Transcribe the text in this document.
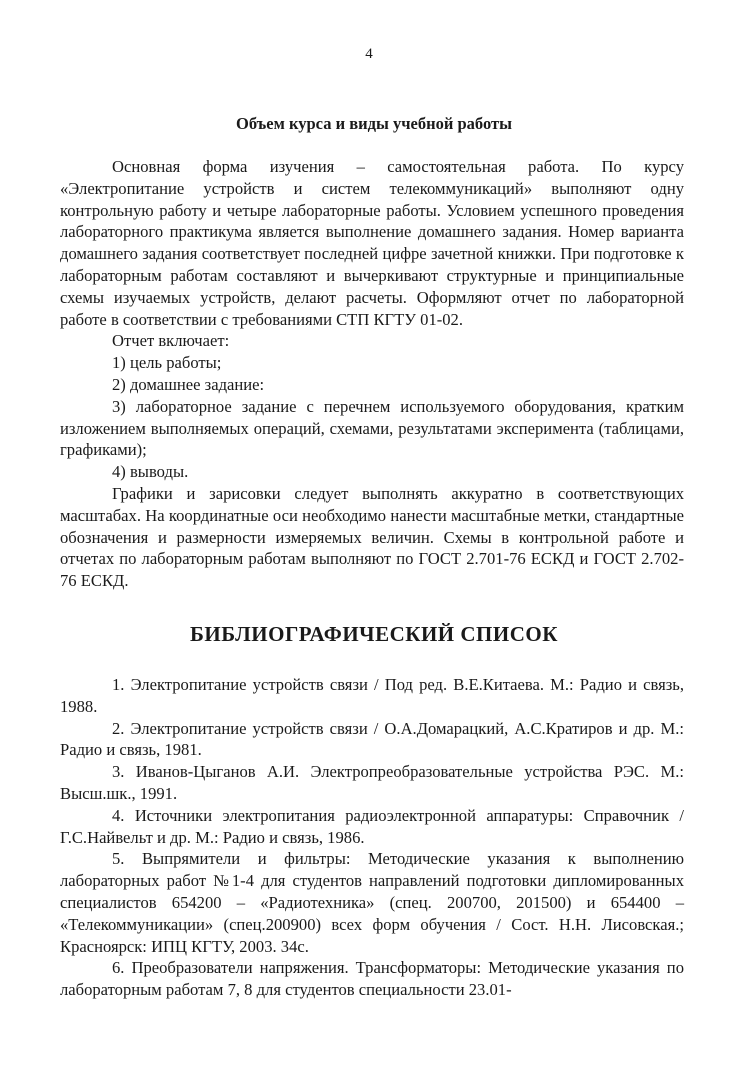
4
Объем курса и виды учебной работы

Основная форма изучения – самостоятельная работа. По курсу «Электропитание устройств и систем телекоммуникаций» выполняют одну контрольную работу и четыре лабораторные работы. Условием успешного проведения лабораторного практикума является выполнение домашнего задания. Номер варианта домашнего задания соответствует последней цифре зачетной книжки. При подготовке к лабораторным работам составляют и вычеркивают структурные и принципиальные схемы изучаемых устройств, делают расчеты. Оформляют отчет по лабораторной работе в соответствии с требованиями СТП КГТУ 01-02.

Отчет включает:

1) цель работы;

2) домашнее задание:

3) лабораторное задание с перечнем используемого оборудования, кратким изложением выполняемых операций, схемами, результатами эксперимента (таблицами, графиками);

4) выводы.

Графики и зарисовки следует выполнять аккуратно в соответствующих масштабах. На координатные оси необходимо нанести масштабные метки, стандартные обозначения и размерности измеряемых величин. Схемы в контрольной работе и отчетах по лабораторным работам выполняют по ГОСТ 2.701-76 ЕСКД и ГОСТ 2.702-76 ЕСКД.

БИБЛИОГРАФИЧЕСКИЙ СПИСОК

1. Электропитание устройств связи / Под ред. В.Е.Китаева. М.: Радио и связь, 1988.

2. Электропитание устройств связи / О.А.Домарацкий, А.С.Кратиров и др. М.: Радио и связь, 1981.

3. Иванов-Цыганов А.И. Электропреобразовательные устройства РЭС. М.: Высш.шк., 1991.

4. Источники электропитания радиоэлектронной аппаратуры: Справочник / Г.С.Найвельт и др. М.: Радио и связь, 1986.

5. Выпрямители и фильтры: Методические указания к выполнению лабораторных работ №1-4 для студентов направлений подготовки дипломированных специалистов 654200 – «Радиотехника» (спец. 200700, 201500) и 654400 – «Телекоммуникации» (спец.200900) всех форм обучения / Сост. Н.Н. Лисовская.; Красноярск: ИПЦ КГТУ, 2003. 34с.

6. Преобразователи напряжения. Трансформаторы: Методические указания по лабораторным работам 7, 8 для студентов специальности 23.01-
